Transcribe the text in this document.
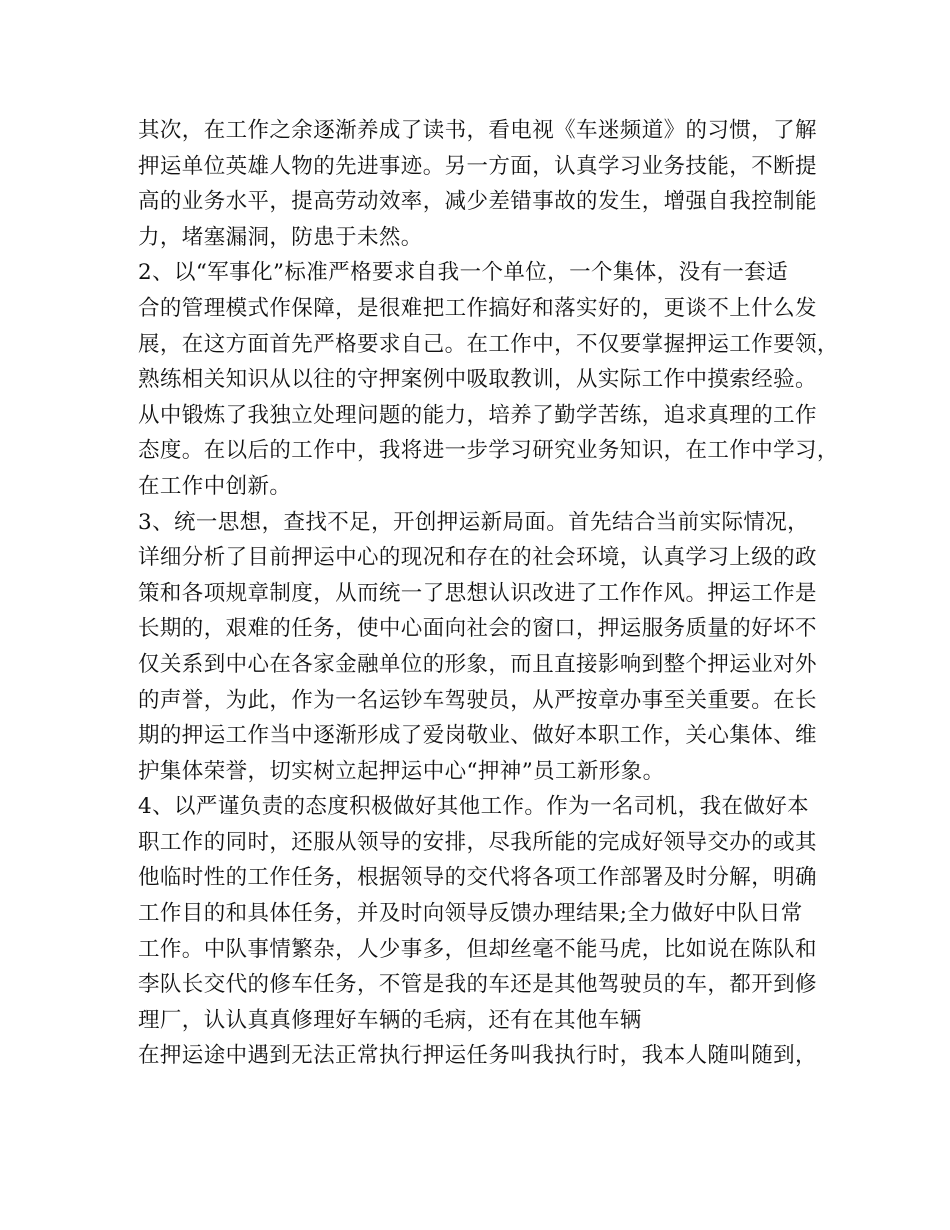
其次，在工作之余逐渐养成了读书，看电视《车迷频道》的习惯，了解
押运单位英雄人物的先进事迹。另一方面，认真学习业务技能，不断提
高的业务水平，提高劳动效率，减少差错事故的发生，增强自我控制能
力，堵塞漏洞，防患于未然。
2、以“军事化”标准严格要求自我一个单位，一个集体，没有一套适
合的管理模式作保障，是很难把工作搞好和落实好的，更谈不上什么发
展，在这方面首先严格要求自己。在工作中，不仅要掌握押运工作要领，
熟练相关知识从以往的守押案例中吸取教训，从实际工作中摸索经验。
从中锻炼了我独立处理问题的能力，培养了勤学苦练，追求真理的工作
态度。在以后的工作中，我将进一步学习研究业务知识，在工作中学习，
在工作中创新。
3、统一思想，查找不足，开创押运新局面。首先结合当前实际情况，
详细分析了目前押运中心的现况和存在的社会环境，认真学习上级的政
策和各项规章制度，从而统一了思想认识改进了工作作风。押运工作是
长期的，艰难的任务，使中心面向社会的窗口，押运服务质量的好坏不
仅关系到中心在各家金融单位的形象，而且直接影响到整个押运业对外
的声誉，为此，作为一名运钞车驾驶员，从严按章办事至关重要。在长
期的押运工作当中逐渐形成了爱岗敬业、做好本职工作，关心集体、维
护集体荣誉，切实树立起押运中心“押神”员工新形象。
4、以严谨负责的态度积极做好其他工作。作为一名司机，我在做好本
职工作的同时，还服从领导的安排，尽我所能的完成好领导交办的或其
他临时性的工作任务，根据领导的交代将各项工作部署及时分解，明确
工作目的和具体任务，并及时向领导反馈办理结果;全力做好中队日常
工作。中队事情繁杂，人少事多，但却丝毫不能马虎，比如说在陈队和
李队长交代的修车任务，不管是我的车还是其他驾驶员的车，都开到修
理厂，认认真真修理好车辆的毛病，还有在其他车辆
在押运途中遇到无法正常执行押运任务叫我执行时，我本人随叫随到，
